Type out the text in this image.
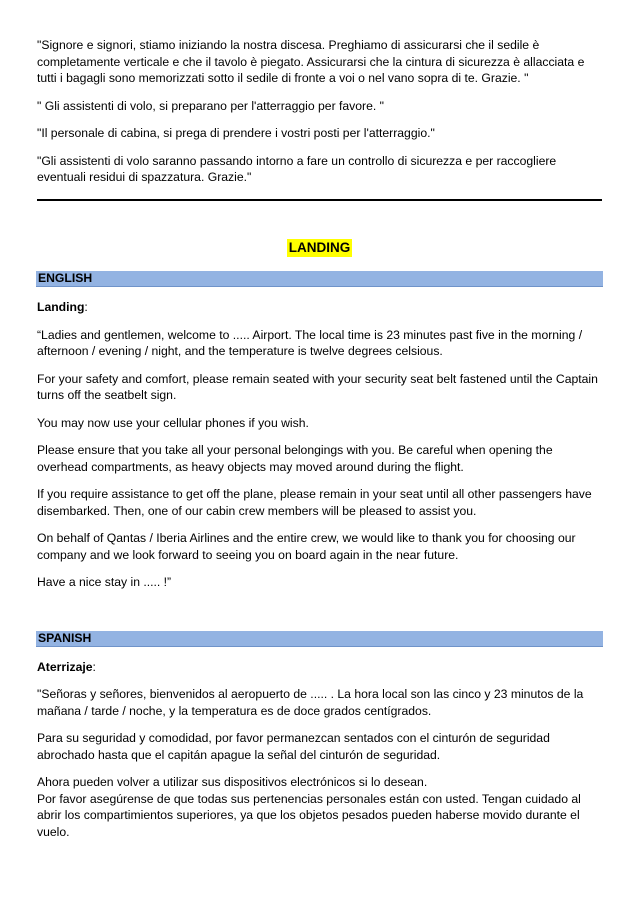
"Signore e signori, stiamo iniziando la nostra discesa. Preghiamo di assicurarsi che il sedile è completamente verticale e che il tavolo è piegato. Assicurarsi che la cintura di sicurezza è allacciata e tutti i bagagli sono memorizzati sotto il sedile di fronte a voi o nel vano sopra di te. Grazie. "

" Gli assistenti di volo, si preparano per l'atterraggio per favore. "

"Il personale di cabina, si prega di prendere i vostri posti per l'atterraggio."

"Gli assistenti di volo saranno passando intorno a fare un controllo di sicurezza e per raccogliere eventuali residui di spazzatura. Grazie."

LANDING
ENGLISH

Landing:

“Ladies and gentlemen, welcome to ..... Airport. The local time is 23 minutes past five in the morning / afternoon / evening / night, and the temperature is twelve degrees celsious.

For your safety and comfort, please remain seated with your security seat belt fastened until the Captain turns off the seatbelt sign.

You may now use your cellular phones if you wish.

Please ensure that you take all your personal belongings with you. Be careful when opening the overhead compartments, as heavy objects may moved around during the flight.

If you require assistance to get off the plane, please remain in your seat until all other passengers have disembarked. Then, one of our cabin crew members will be pleased to assist you.

On behalf of Qantas / Iberia Airlines and the entire crew, we would like to thank you for choosing our company and we look forward to seeing you on board again in the near future.

Have a nice stay in ..... !”

SPANISH

Aterrizaje:

"Señoras y señores, bienvenidos al aeropuerto de ..... . La hora local son las cinco y 23 minutos de la mañana / tarde / noche, y la temperatura es de doce grados centígrados.

Para su seguridad y comodidad, por favor permanezcan sentados con el cinturón de seguridad abrochado hasta que el capitán apague la señal del cinturón de seguridad.

Ahora pueden volver a utilizar sus dispositivos electrónicos si lo desean.

Por favor asegúrense de que todas sus pertenencias personales están con usted. Tengan cuidado al abrir los compartimientos superiores, ya que los objetos pesados pueden haberse movido durante el vuelo.
